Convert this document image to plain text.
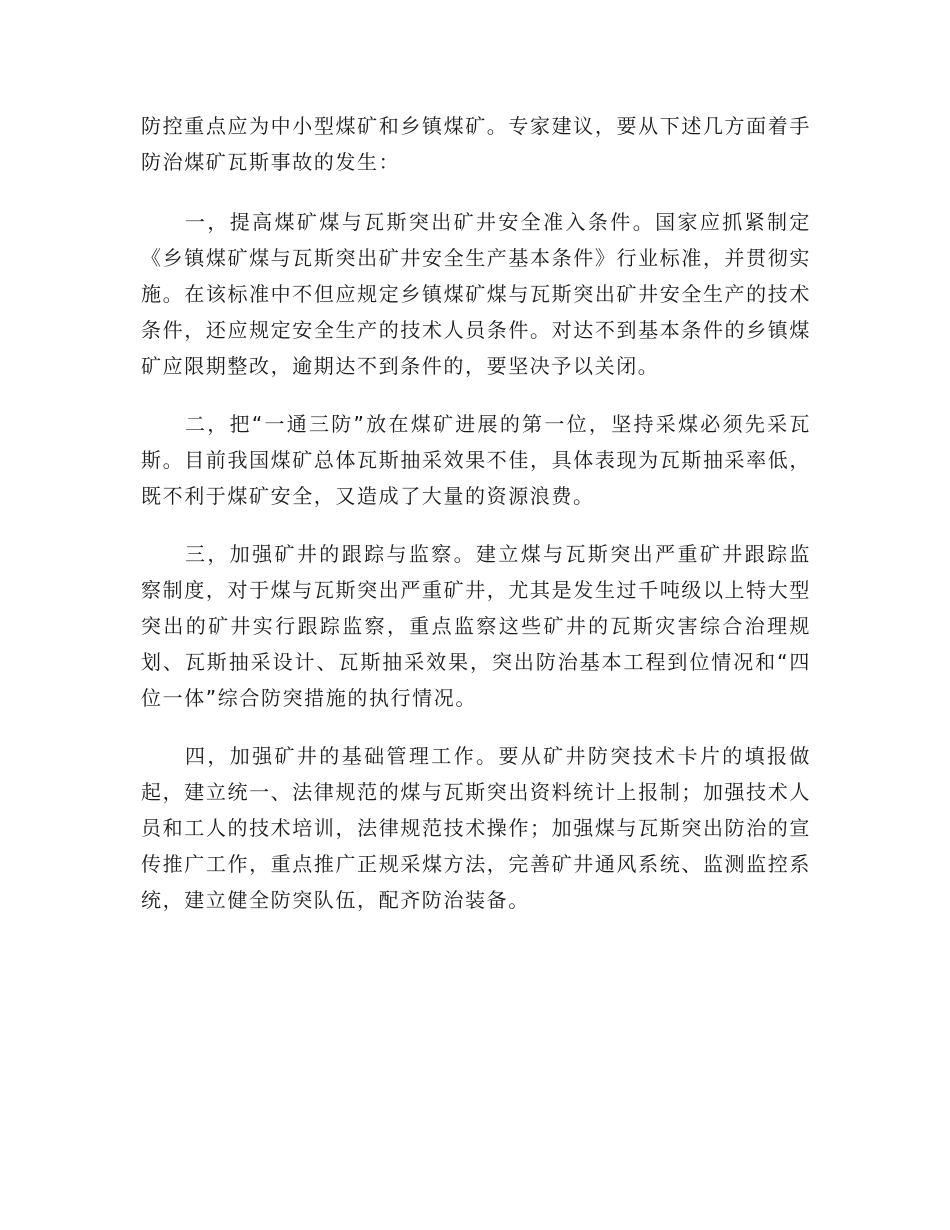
防控重点应为中小型煤矿和乡镇煤矿。专家建议，要从下述几方面着手防治煤矿瓦斯事故的发生：

一，提高煤矿煤与瓦斯突出矿井安全准入条件。国家应抓紧制定《乡镇煤矿煤与瓦斯突出矿井安全生产基本条件》行业标准，并贯彻实施。在该标准中不但应规定乡镇煤矿煤与瓦斯突出矿井安全生产的技术条件，还应规定安全生产的技术人员条件。对达不到基本条件的乡镇煤矿应限期整改，逾期达不到条件的，要坚决予以关闭。

二，把“一通三防”放在煤矿进展的第一位，坚持采煤必须先采瓦斯。目前我国煤矿总体瓦斯抽采效果不佳，具体表现为瓦斯抽采率低，既不利于煤矿安全，又造成了大量的资源浪费。

三，加强矿井的跟踪与监察。建立煤与瓦斯突出严重矿井跟踪监察制度，对于煤与瓦斯突出严重矿井，尤其是发生过千吨级以上特大型突出的矿井实行跟踪监察，重点监察这些矿井的瓦斯灾害综合治理规划、瓦斯抽采设计、瓦斯抽采效果，突出防治基本工程到位情况和“四位一体”综合防突措施的执行情况。

四，加强矿井的基础管理工作。要从矿井防突技术卡片的填报做起，建立统一、法律规范的煤与瓦斯突出资料统计上报制；加强技术人员和工人的技术培训，法律规范技术操作；加强煤与瓦斯突出防治的宣传推广工作，重点推广正规采煤方法，完善矿井通风系统、监测监控系统，建立健全防突队伍，配齐防治装备。
